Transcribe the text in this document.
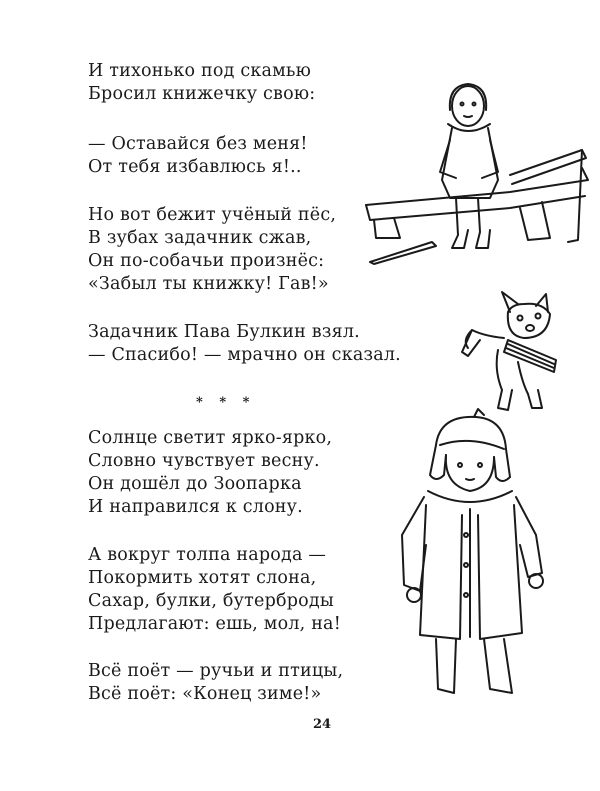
И тихонько под скамью
Бросил книжечку свою:
— Оставайся без меня!
От тебя избавлюсь я!..
Но вот бежит учёный пёс,
В зубах задачник сжав,
Он по-собачьи произнёс:
«Забыл ты книжку! Гав!»
Задачник Пава Булкин взял.
— Спасибо! — мрачно он сказал.
* * *
Солнце светит ярко-ярко,
Словно чувствует весну.
Он дошёл до Зоопарка
И направился к слону.
А вокруг толпа народа —
Покормить хотят слона,
Сахар, булки, бутерброды
Предлагают: ешь, мол, на!
Всё поёт — ручьи и птицы,
Всё поёт: «Конец зиме!»
24
